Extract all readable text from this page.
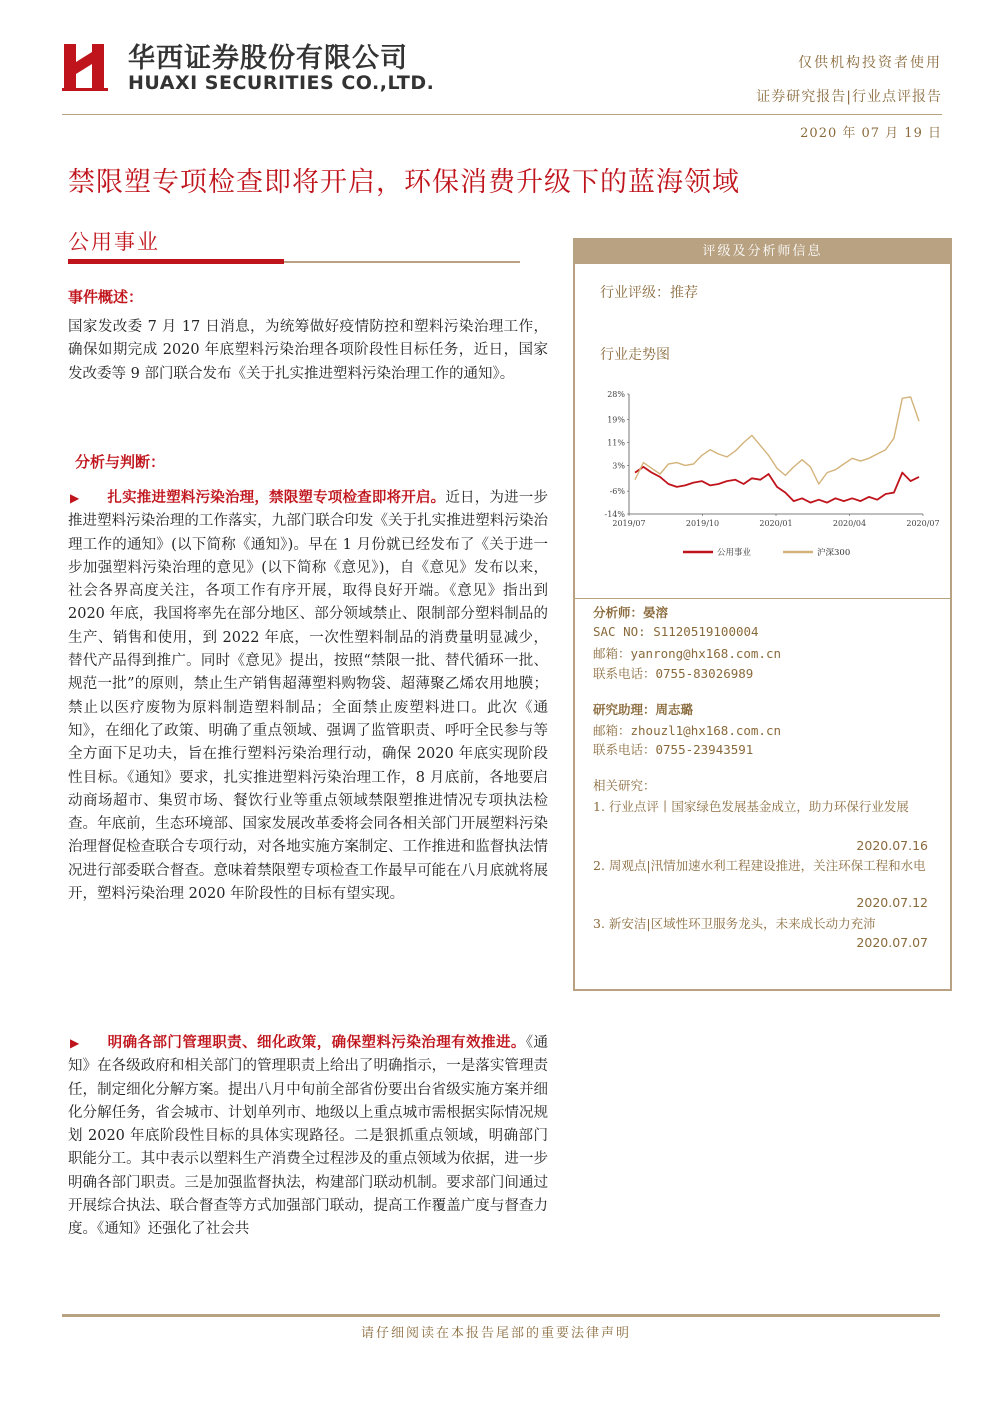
华西证券股份有限公司
HUAXI SECURITIES CO.,LTD.
仅供机构投资者使用
证券研究报告|行业点评报告
2020 年 07 月 19 日
禁限塑专项检查即将开启，环保消费升级下的蓝海领域
公用事业
事件概述：
国家发改委 7 月 17 日消息，为统筹做好疫情防控和塑料污染治理工作，确保如期完成 2020 年底塑料污染治理各项阶段性目标任务，近日，国家发改委等 9 部门联合发布《关于扎实推进塑料污染治理工作的通知》。
分析与判断：
▶ 扎实推进塑料污染治理，禁限塑专项检查即将开启。近日，为进一步推进塑料污染治理的工作落实，九部门联合印发《关于扎实推进塑料污染治理工作的通知》(以下简称《通知》)。早在 1 月份就已经发布了《关于进一步加强塑料污染治理的意见》(以下简称《意见》)，自《意见》发布以来，社会各界高度关注，各项工作有序开展，取得良好开端。《意见》指出到 2020 年底，我国将率先在部分地区、部分领域禁止、限制部分塑料制品的生产、销售和使用，到 2022 年底，一次性塑料制品的消费量明显减少，替代产品得到推广。同时《意见》提出，按照“禁限一批、替代循环一批、规范一批”的原则，禁止生产销售超薄塑料购物袋、超薄聚乙烯农用地膜；禁止以医疗废物为原料制造塑料制品；全面禁止废塑料进口。此次《通知》，在细化了政策、明确了重点领域、强调了监管职责、呼吁全民参与等全方面下足功夫，旨在推行塑料污染治理行动，确保 2020 年底实现阶段性目标。《通知》要求，扎实推进塑料污染治理工作，8 月底前，各地要启动商场超市、集贸市场、餐饮行业等重点领域禁限塑推进情况专项执法检查。年底前，生态环境部、国家发展改革委将会同各相关部门开展塑料污染治理督促检查联合专项行动，对各地实施方案制定、工作推进和监督执法情况进行部委联合督查。意味着禁限塑专项检查工作最早可能在八月底就将展开，塑料污染治理 2020 年阶段性的目标有望实现。
▶ 明确各部门管理职责、细化政策，确保塑料污染治理有效推进。《通知》在各级政府和相关部门的管理职责上给出了明确指示，一是落实管理责任，制定细化分解方案。提出八月中旬前全部省份要出台省级实施方案并细化分解任务，省会城市、计划单列市、地级以上重点城市需根据实际情况规划 2020 年底阶段性目标的具体实现路径。二是狠抓重点领域，明确部门职能分工。其中表示以塑料生产消费全过程涉及的重点领域为依据，进一步明确各部门职责。三是加强监督执法，构建部门联动机制。要求部门间通过开展综合执法、联合督查等方式加强部门联动，提高工作覆盖广度与督查力度。《通知》还强化了社会共
评级及分析师信息
行业评级：推荐
行业走势图
28%
19%
11%
3%
-6%
-14%
2019/07	2019/10	2020/01	2020/04	2020/07
公用事业	沪深300
分析师：晏溶
SAC NO: S1120519100004
邮箱：yanrong@hx168.com.cn
联系电话：0755-83026989
研究助理：周志璐
邮箱：zhouzl1@hx168.com.cn
联系电话：0755-23943591
相关研究：
1. 行业点评丨国家绿色发展基金成立，助力环保行业发展
2020.07.16
2. 周观点|汛情加速水利工程建设推进，关注环保工程和水电
2020.07.12
3. 新安洁|区域性环卫服务龙头，未来成长动力充沛
2020.07.07
请仔细阅读在本报告尾部的重要法律声明
